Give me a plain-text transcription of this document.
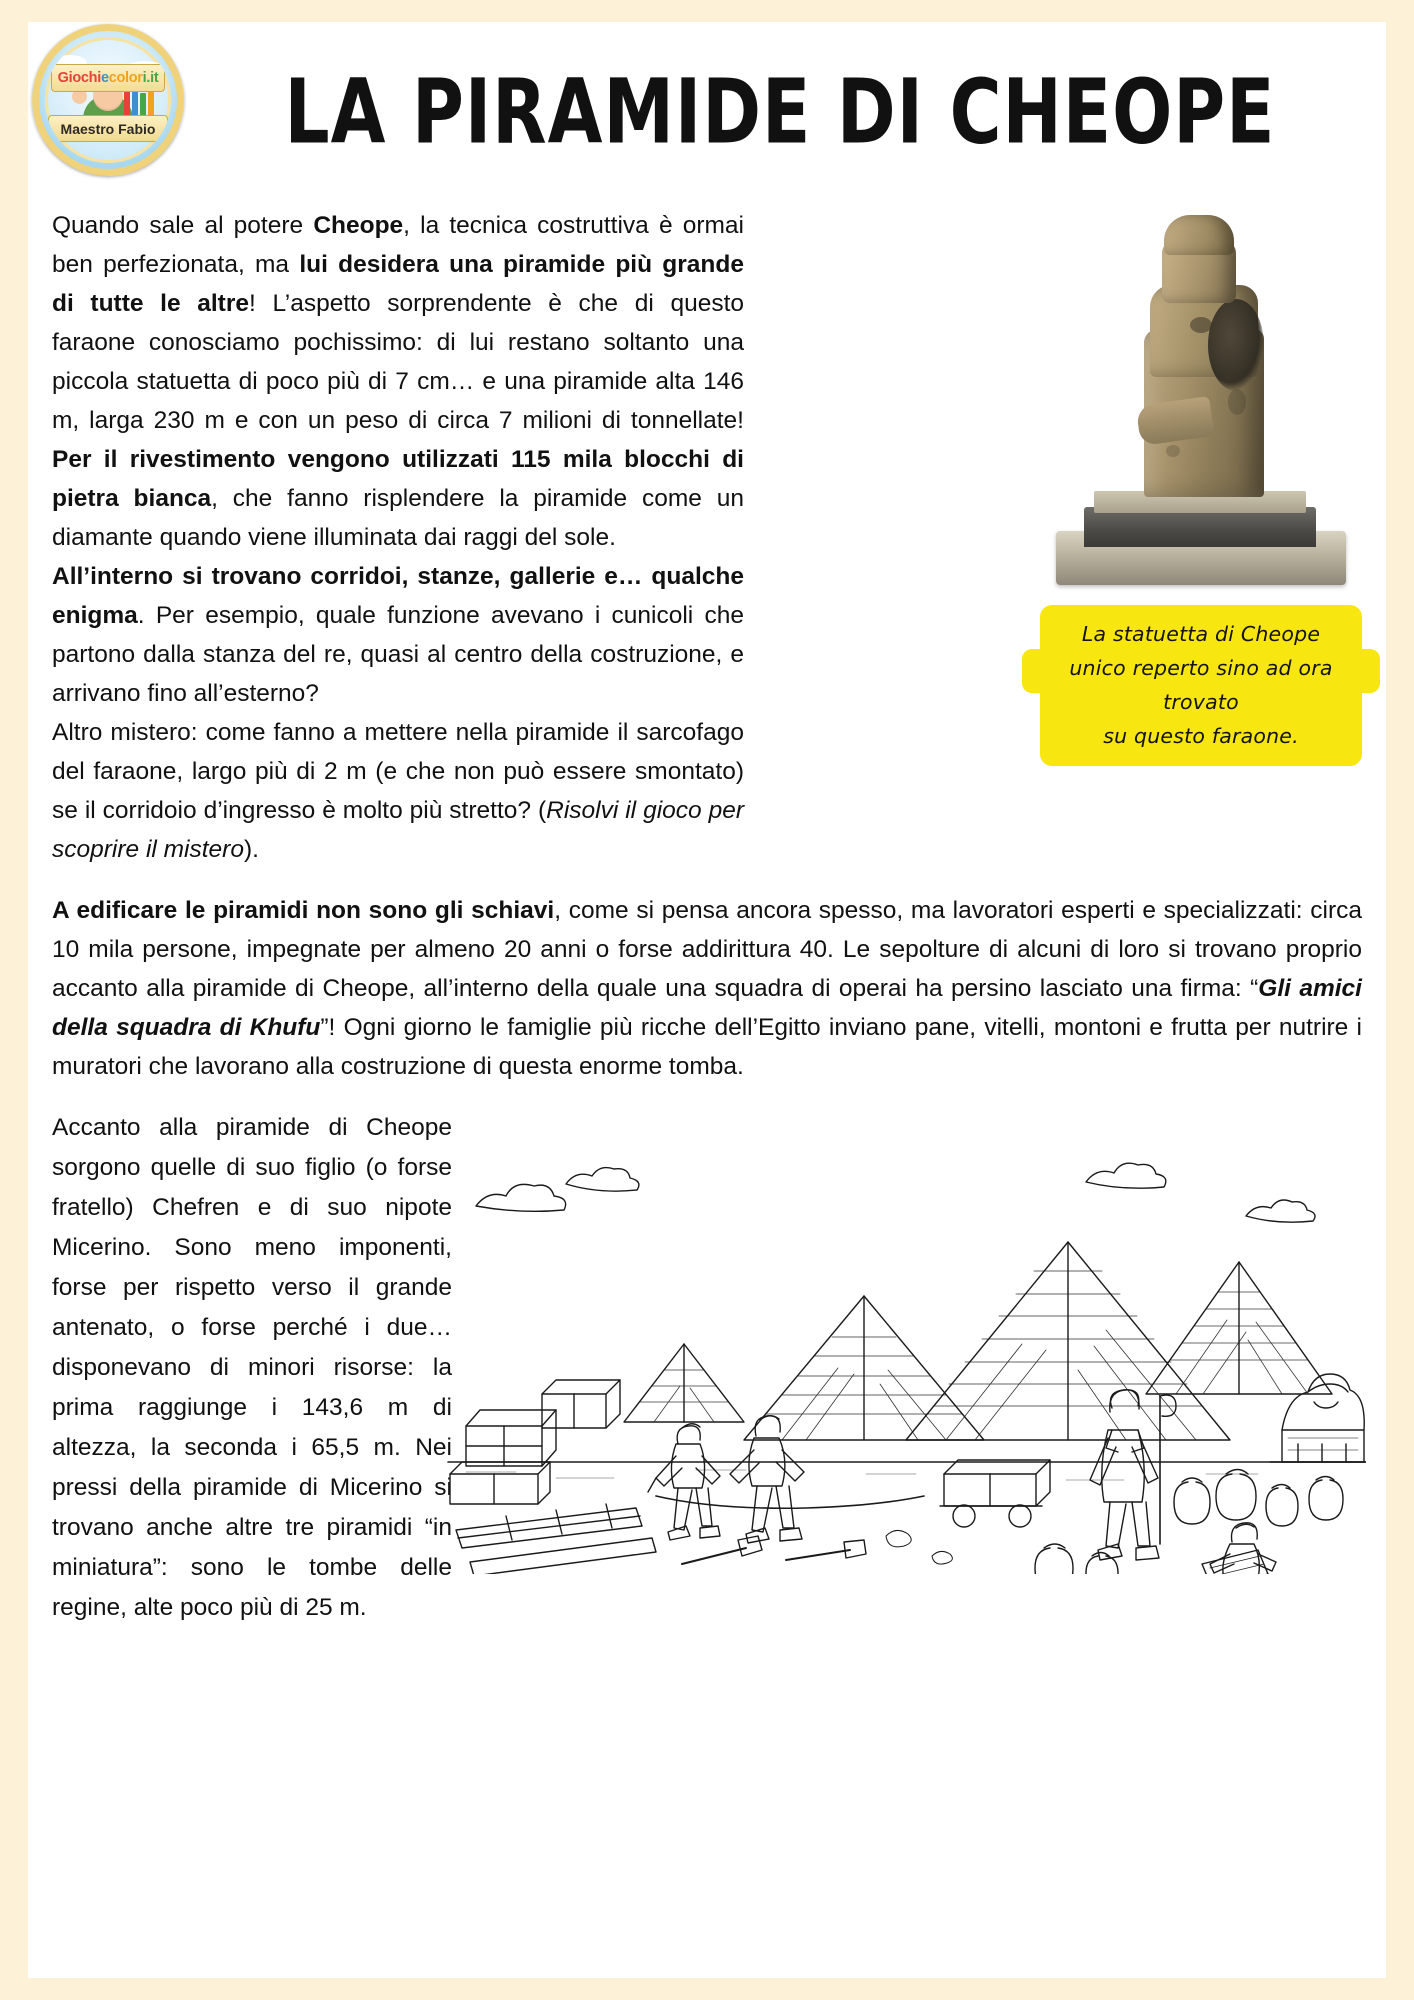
Giochi e color i.it
Maestro Fabio	LA PIRAMIDE DI CHEOPE

Quando sale al potere Cheope, la tecnica costruttiva è ormai ben perfezionata, ma lui desidera una piramide più grande di tutte le altre! L’aspetto sorprendente è che di questo faraone conosciamo pochissimo: di lui restano soltanto una piccola statuetta di poco più di 7 cm… e una piramide alta 146 m, larga 230 m e con un peso di circa 7 milioni di tonnellate! Per il rivestimento vengono utilizzati 115 mila blocchi di pietra bianca, che fanno risplendere la piramide come un diamante quando viene illuminata dai raggi del sole.

All’interno si trovano corridoi, stanze, gallerie e… qualche enigma. Per esempio, quale funzione avevano i cunicoli che partono dalla stanza del re, quasi al centro della costruzione, e arrivano fino all’esterno?

Altro mistero: come fanno a mettere nella piramide il sarcofago del faraone, largo più di 2 m (e che non può essere smontato) se il corridoio d’ingresso è molto più stretto? (Risolvi il gioco per scoprire il mistero).

La statuetta di Cheope
unico reperto sino ad ora trovato
su questo faraone.

A edificare le piramidi non sono gli schiavi, come si pensa ancora spesso, ma lavoratori esperti e specializzati: circa 10 mila persone, impegnate per almeno 20 anni o forse addirittura 40. Le sepolture di alcuni di loro si trovano proprio accanto alla piramide di Cheope, all’interno della quale una squadra di operai ha persino lasciato una firma: “Gli amici della squadra di Khufu”! Ogni giorno le famiglie più ricche dell’Egitto inviano pane, vitelli, montoni e frutta per nutrire i muratori che lavorano alla costruzione di questa enorme tomba.

Accanto alla piramide di Cheope sorgono quelle di suo figlio (o forse fratello) Chefren e di suo nipote Micerino. Sono meno imponenti, forse per rispetto verso il grande antenato, o forse perché i due… disponevano di minori risorse: la prima raggiunge i 143,6 m di altezza, la seconda i 65,5 m. Nei pressi della piramide di Micerino si trovano anche altre tre piramidi “in miniatura”: sono le tombe delle regine, alte poco più di 25 m.
